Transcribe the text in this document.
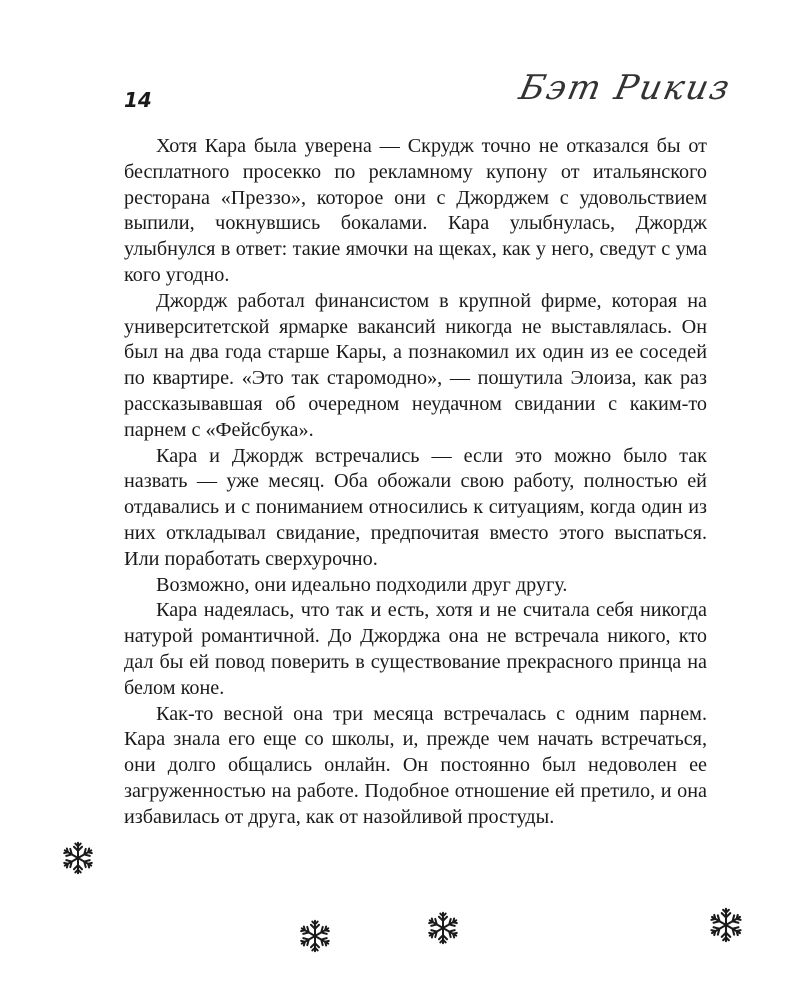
14	Бэт Рикиз

Хотя Кара была уверена — Скрудж точно не отказался бы от бесплатного просекко по рекламному купону от итальянского ресторана «Преззо», которое они с Джорджем с удовольствием выпили, чокнувшись бокалами. Кара улыбнулась, Джордж улыбнулся в ответ: такие ямочки на щеках, как у него, сведут с ума кого угодно.

Джордж работал финансистом в крупной фирме, которая на университетской ярмарке вакансий никогда не выставлялась. Он был на два года старше Кары, а познакомил их один из ее соседей по квартире. «Это так старомодно», — пошутила Элоиза, как раз рассказывавшая об очередном неудачном свидании с каким-то парнем с «Фейсбука».

Кара и Джордж встречались — если это можно было так назвать — уже месяц. Оба обожали свою работу, полностью ей отдавались и с пониманием относились к ситуациям, когда один из них откладывал свидание, предпочитая вместо этого выспаться. Или поработать сверхурочно.

Возможно, они идеально подходили друг другу.

Кара надеялась, что так и есть, хотя и не считала себя никогда натурой романтичной. До Джорджа она не встречала никого, кто дал бы ей повод поверить в существование прекрасного принца на белом коне.

Как-то весной она три месяца встречалась с одним парнем. Кара знала его еще со школы, и, прежде чем начать встречаться, они долго общались онлайн. Он постоянно был недоволен ее загруженностью на работе. Подобное отношение ей претило, и она избавилась от друга, как от назойливой простуды.
